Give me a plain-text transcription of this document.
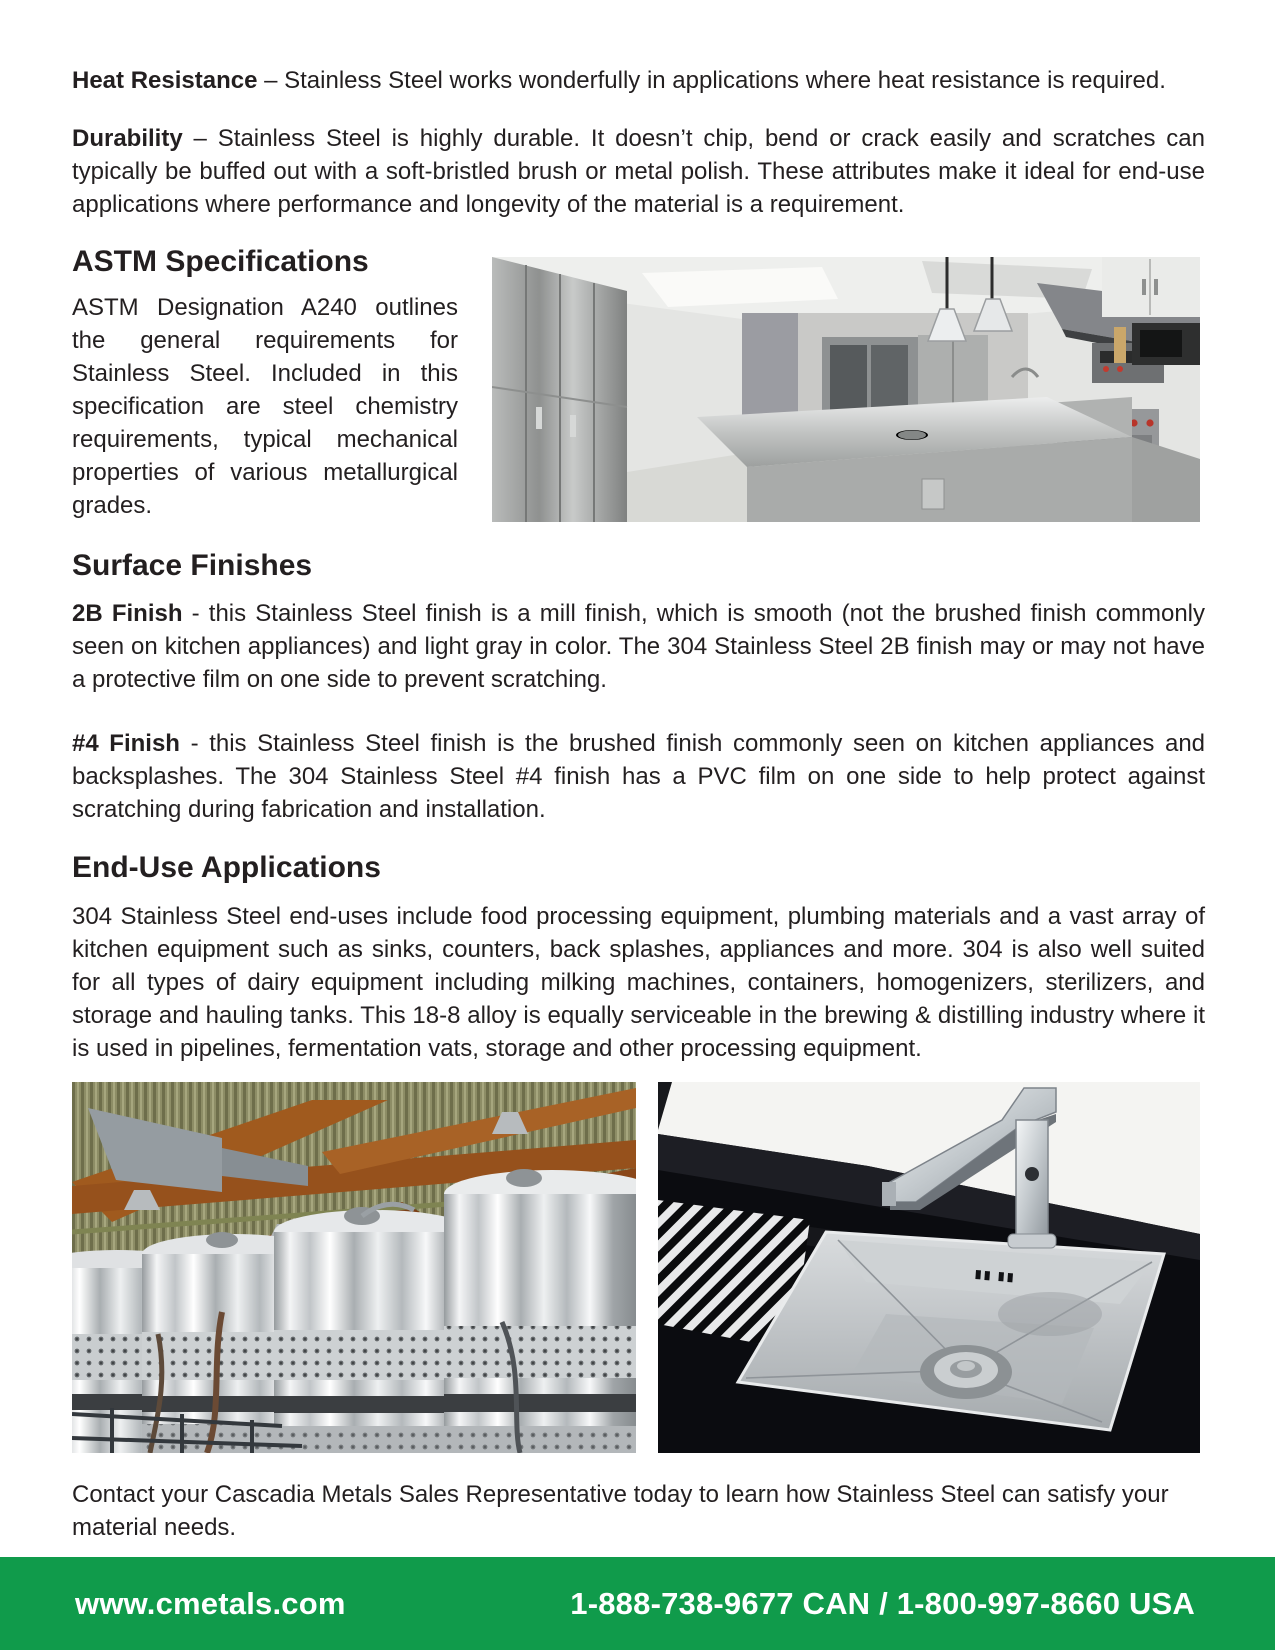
Heat Resistance – Stainless Steel works wonderfully in applications where heat resistance is required.

Durability – Stainless Steel is highly durable. It doesn’t chip, bend or crack easily and scratches can typically be buffed out with a soft-bristled brush or metal polish. These attributes make it ideal for end-use applications where performance and longevity of the material is a requirement.

ASTM Specifications

ASTM Designation A240 outlines the general requirements for Stainless Steel. Included in this specification are steel chemistry requirements, typical mechanical properties of various metallurgical grades.

Surface Finishes

2B Finish - this Stainless Steel finish is a mill finish, which is smooth (not the brushed finish commonly seen on kitchen appliances) and light gray in color. The 304 Stainless Steel 2B finish may or may not have a protective film on one side to prevent scratching.

#4 Finish - this Stainless Steel finish is the brushed finish commonly seen on kitchen appliances and backsplashes. The 304 Stainless Steel #4 finish has a PVC film on one side to help protect against scratching during fabrication and installation.

End-Use Applications

304 Stainless Steel end-uses include food processing equipment, plumbing materials and a vast array of kitchen equipment such as sinks, counters, back splashes, appliances and more. 304 is also well suited for all types of dairy equipment including milking machines, containers, homogenizers, sterilizers, and storage and hauling tanks. This 18-8 alloy is equally serviceable in the brewing & distilling industry where it is used in pipelines, fermentation vats, storage and other processing equipment.

Contact your Cascadia Metals Sales Representative today to learn how Stainless Steel can satisfy your material needs.

www.cmetals.com	1-888-738-9677 CAN / 1-800-997-8660 USA
